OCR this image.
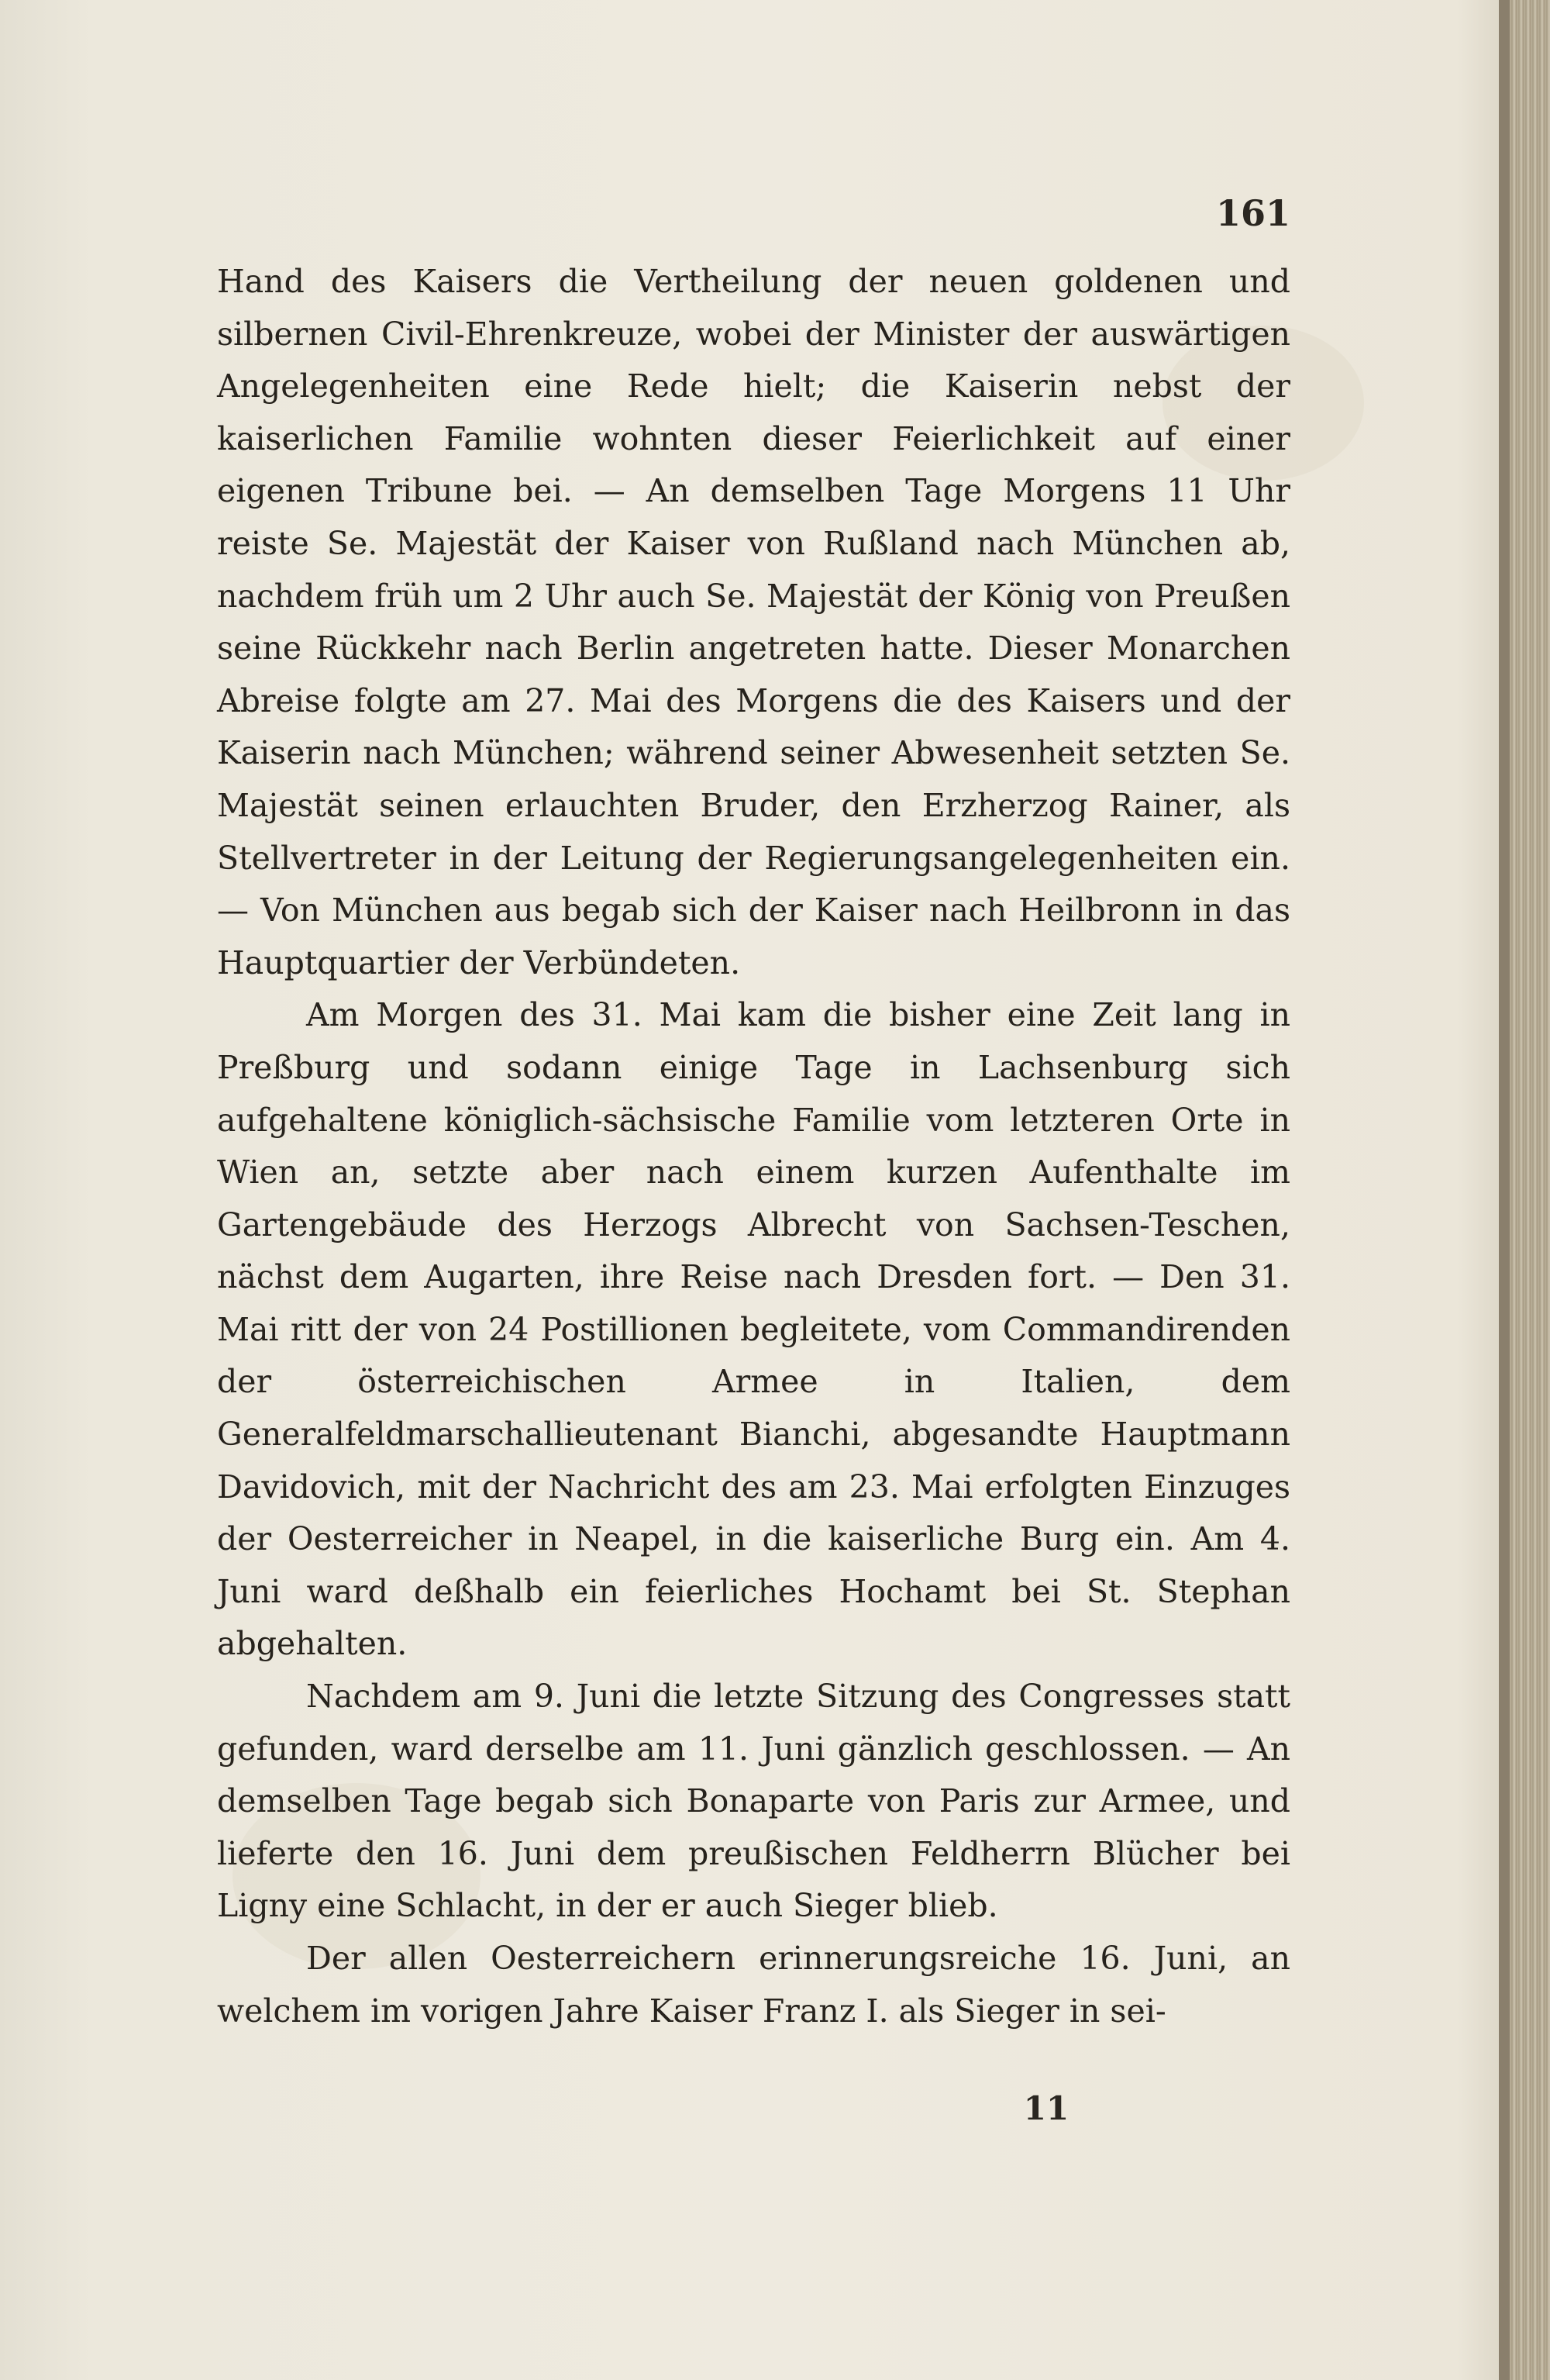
161

Hand des Kaisers die Vertheilung der neuen goldenen und silbernen Civil-Ehrenkreuze, wobei der Minister der auswärtigen Angelegenheiten eine Rede hielt; die Kaiserin nebst der kaiserlichen Familie wohnten dieser Feierlichkeit auf einer eigenen Tribune bei. — An demselben Tage Morgens 11 Uhr reiste Se. Majestät der Kaiser von Rußland nach München ab, nachdem früh um 2 Uhr auch Se. Majestät der König von Preußen seine Rückkehr nach Berlin angetreten hatte. Dieser Monarchen Abreise folgte am 27. Mai des Morgens die des Kaisers und der Kaiserin nach München; während seiner Abwesenheit setzten Se. Majestät seinen erlauchten Bruder, den Erzherzog Rainer, als Stellvertreter in der Leitung der Regierungsangelegenheiten ein. — Von München aus begab sich der Kaiser nach Heilbronn in das Hauptquartier der Verbündeten.

Am Morgen des 31. Mai kam die bisher eine Zeit lang in Preßburg und sodann einige Tage in Lachsenburg sich aufgehaltene königlich-sächsische Familie vom letzteren Orte in Wien an, setzte aber nach einem kurzen Aufenthalte im Gartengebäude des Herzogs Albrecht von Sachsen-Teschen, nächst dem Augarten, ihre Reise nach Dresden fort. — Den 31. Mai ritt der von 24 Postillionen begleitete, vom Commandirenden der österreichischen Armee in Italien, dem Generalfeldmarschallieutenant Bianchi, abgesandte Hauptmann Davidovich, mit der Nachricht des am 23. Mai erfolgten Einzuges der Oesterreicher in Neapel, in die kaiserliche Burg ein. Am 4. Juni ward deßhalb ein feierliches Hochamt bei St. Stephan abgehalten.

Nachdem am 9. Juni die letzte Sitzung des Congresses statt gefunden, ward derselbe am 11. Juni gänzlich geschlossen. — An demselben Tage begab sich Bonaparte von Paris zur Armee, und lieferte den 16. Juni dem preußischen Feldherrn Blücher bei Ligny eine Schlacht, in der er auch Sieger blieb.

Der allen Oesterreichern erinnerungsreiche 16. Juni, an welchem im vorigen Jahre Kaiser Franz I. als Sieger in sei-

11
